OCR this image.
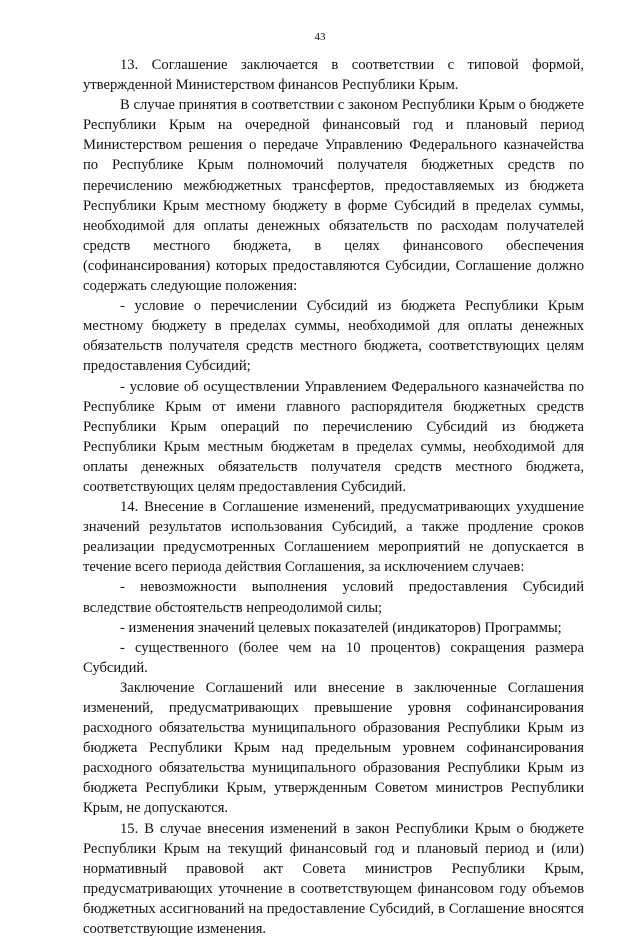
43

13. Соглашение заключается в соответствии с типовой формой, утвержденной Министерством финансов Республики Крым.

В случае принятия в соответствии с законом Республики Крым о бюджете Республики Крым на очередной финансовый год и плановый период Министерством решения о передаче Управлению Федерального казначейства по Республике Крым полномочий получателя бюджетных средств по перечислению межбюджетных трансфертов, предоставляемых из бюджета Республики Крым местному бюджету в форме Субсидий в пределах суммы, необходимой для оплаты денежных обязательств по расходам получателей средств местного бюджета, в целях финансового обеспечения (софинансирования) которых предоставляются Субсидии, Соглашение должно содержать следующие положения:

- условие о перечислении Субсидий из бюджета Республики Крым местному бюджету в пределах суммы, необходимой для оплаты денежных обязательств получателя средств местного бюджета, соответствующих целям предоставления Субсидий;

- условие об осуществлении Управлением Федерального казначейства по Республике Крым от имени главного распорядителя бюджетных средств Республики Крым операций по перечислению Субсидий из бюджета Республики Крым местным бюджетам в пределах суммы, необходимой для оплаты денежных обязательств получателя средств местного бюджета, соответствующих целям предоставления Субсидий.

14. Внесение в Соглашение изменений, предусматривающих ухудшение значений результатов использования Субсидий, а также продление сроков реализации предусмотренных Соглашением мероприятий не допускается в течение всего периода действия Соглашения, за исключением случаев:

- невозможности выполнения условий предоставления Субсидий вследствие обстоятельств непреодолимой силы;

- изменения значений целевых показателей (индикаторов) Программы;

- существенного (более чем на 10 процентов) сокращения размера Субсидий.

Заключение Соглашений или внесение в заключенные Соглашения изменений, предусматривающих превышение уровня софинансирования расходного обязательства муниципального образования Республики Крым из бюджета Республики Крым над предельным уровнем софинансирования расходного обязательства муниципального образования Республики Крым из бюджета Республики Крым, утвержденным Советом министров Республики Крым, не допускаются.

15. В случае внесения изменений в закон Республики Крым о бюджете Республики Крым на текущий финансовый год и плановый период и (или) нормативный правовой акт Совета министров Республики Крым, предусматривающих уточнение в соответствующем финансовом году объемов бюджетных ассигнований на предоставление Субсидий, в Соглашение вносятся соответствующие изменения.
